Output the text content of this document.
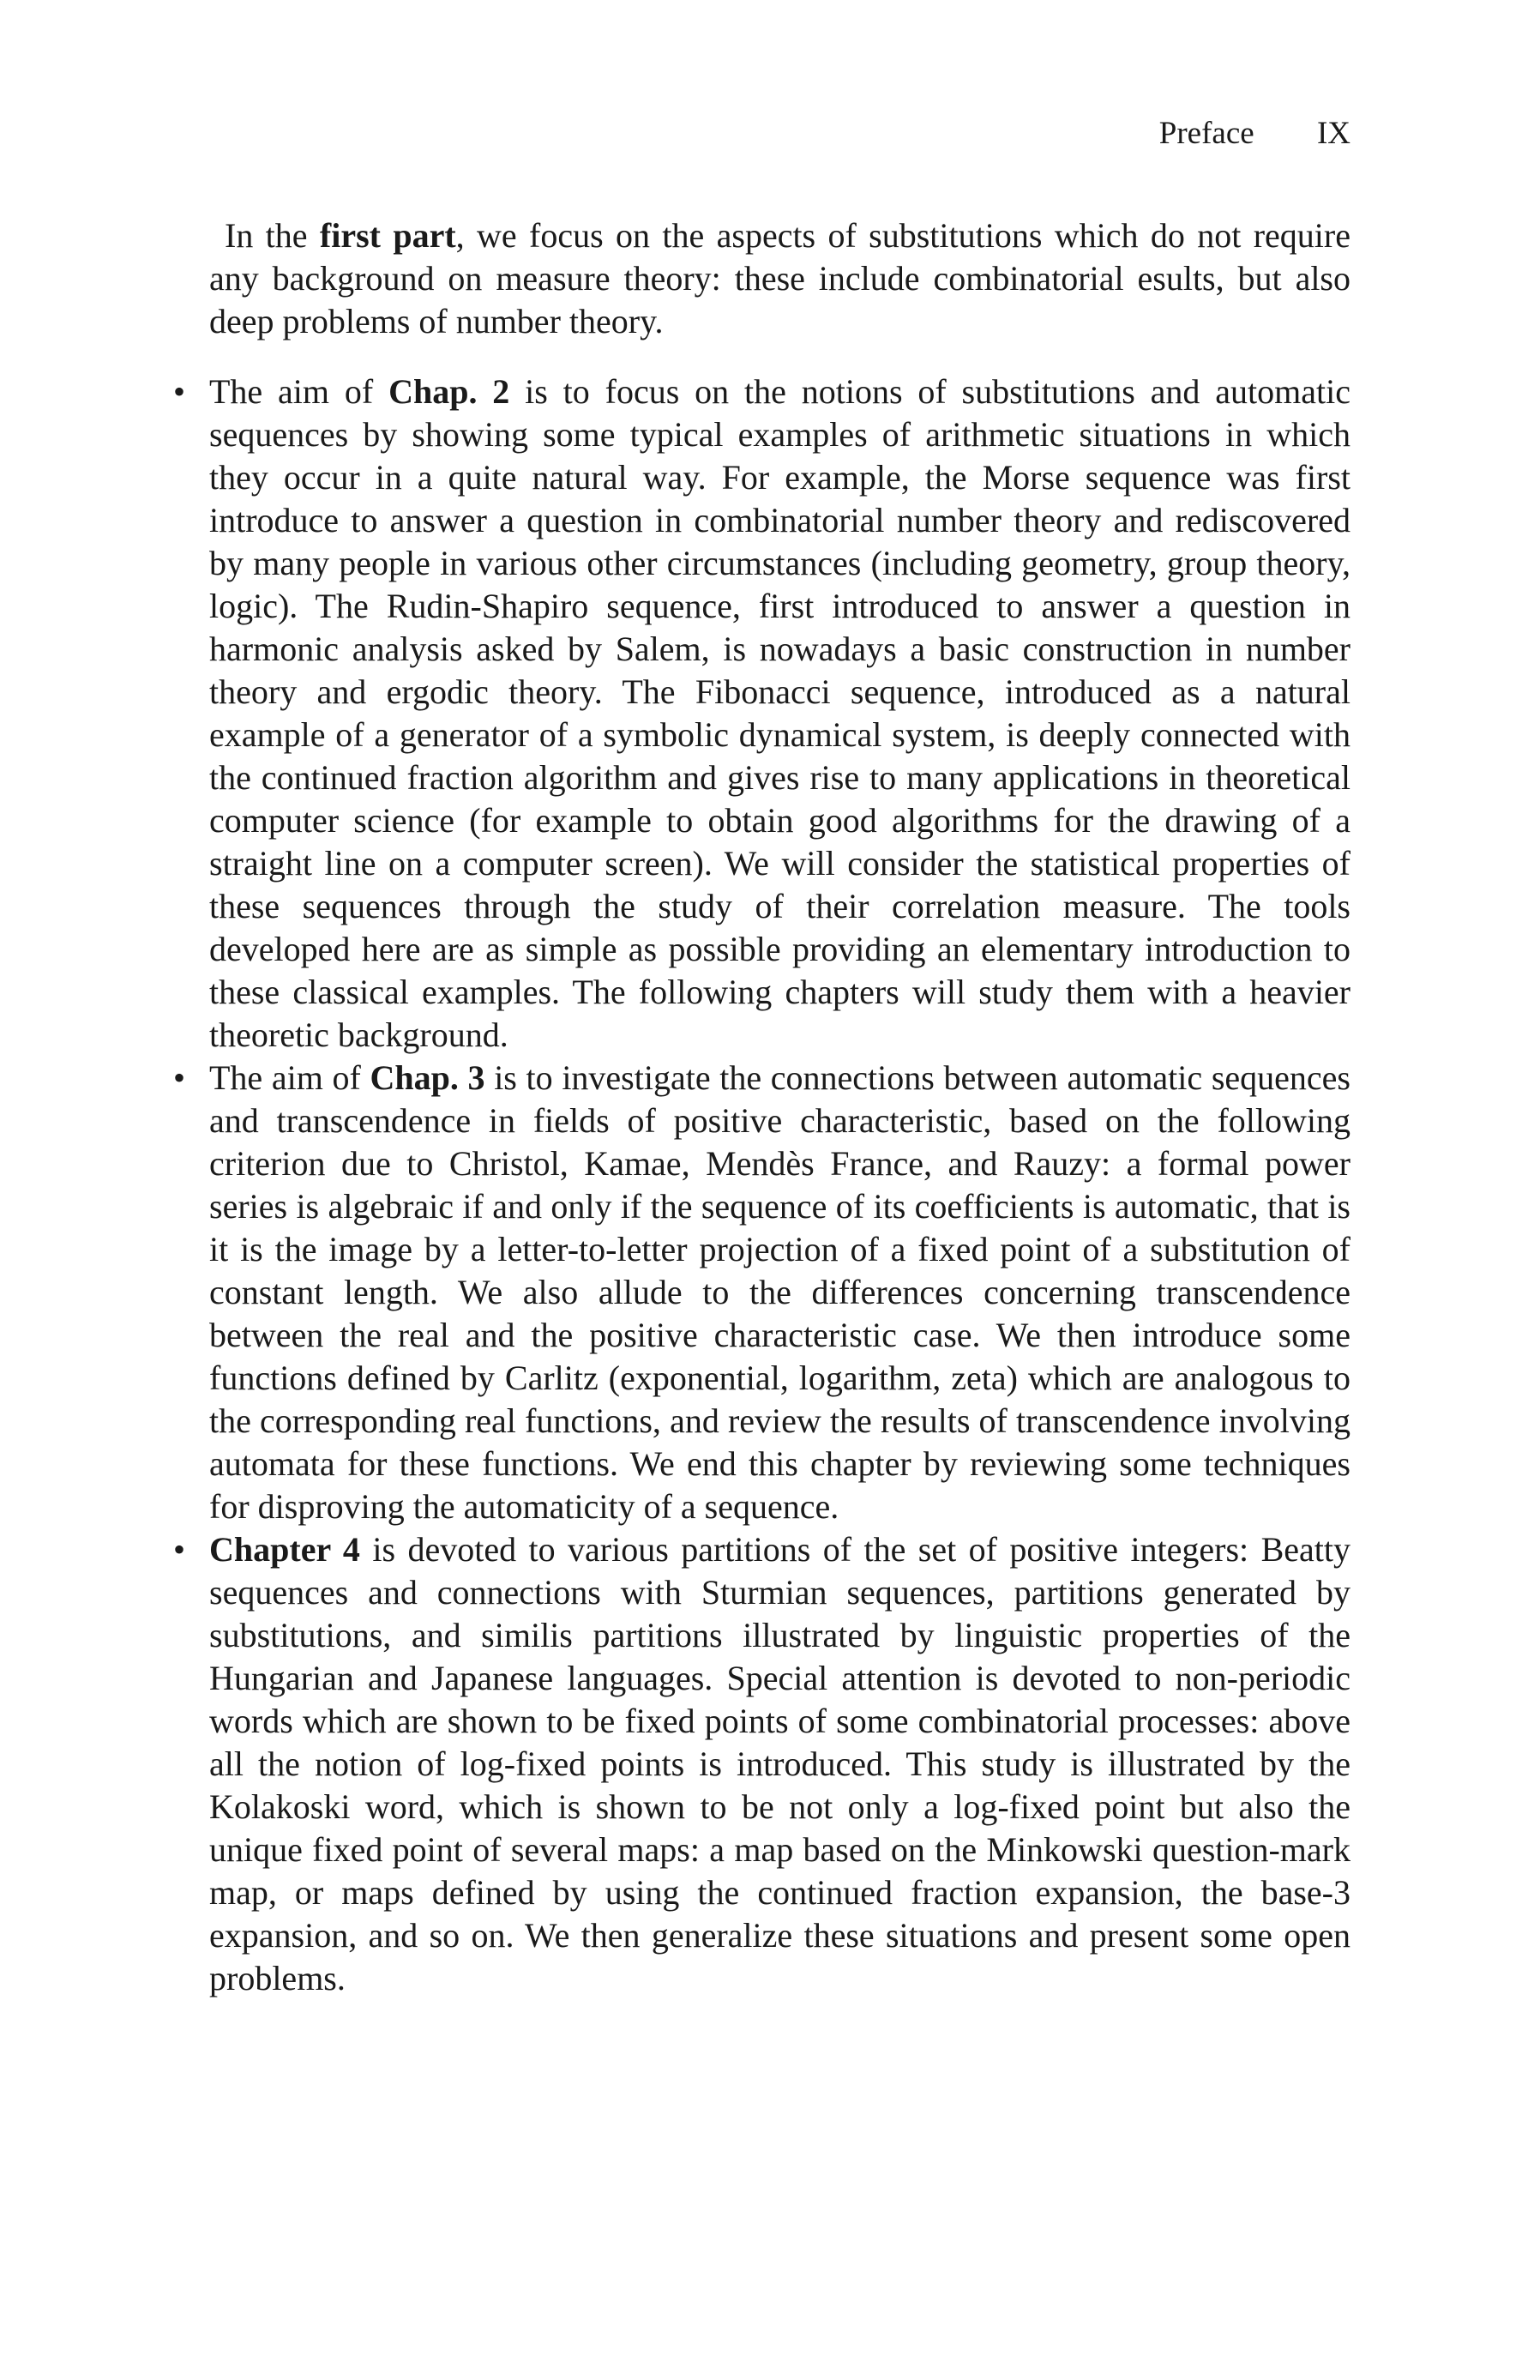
Preface IX

In the first part, we focus on the aspects of substitutions which do not require any background on measure theory: these include combinatorial esults, but also deep problems of number theory.

• The aim of Chap. 2 is to focus on the notions of substitutions and automatic sequences by showing some typical examples of arithmetic situations in which they occur in a quite natural way. For example, the Morse sequence was first introduce to answer a question in combinatorial number theory and rediscovered by many people in various other circumstances (including geometry, group theory, logic). The Rudin-Shapiro sequence, first introduced to answer a question in harmonic analysis asked by Salem, is nowadays a basic construction in number theory and ergodic theory. The Fibonacci sequence, introduced as a natural example of a generator of a symbolic dynamical system, is deeply connected with the continued fraction algorithm and gives rise to many applications in theoretical computer science (for example to obtain good algorithms for the drawing of a straight line on a computer screen). We will consider the statistical properties of these sequences through the study of their correlation measure. The tools developed here are as simple as possible providing an elementary introduction to these classical examples. The following chapters will study them with a heavier theoretic background.
• The aim of Chap. 3 is to investigate the connections between automatic sequences and transcendence in fields of positive characteristic, based on the following criterion due to Christol, Kamae, Mendès France, and Rauzy: a formal power series is algebraic if and only if the sequence of its coefficients is automatic, that is it is the image by a letter-to-letter projection of a fixed point of a substitution of constant length. We also allude to the differences concerning transcendence between the real and the positive characteristic case. We then introduce some functions defined by Carlitz (exponential, logarithm, zeta) which are analogous to the corresponding real functions, and review the results of transcendence involving automata for these functions. We end this chapter by reviewing some techniques for disproving the automaticity of a sequence.
• Chapter 4 is devoted to various partitions of the set of positive integers: Beatty sequences and connections with Sturmian sequences, partitions generated by substitutions, and similis partitions illustrated by linguistic properties of the Hungarian and Japanese languages. Special attention is devoted to non-periodic words which are shown to be fixed points of some combinatorial processes: above all the notion of log-fixed points is introduced. This study is illustrated by the Kolakoski word, which is shown to be not only a log-fixed point but also the unique fixed point of several maps: a map based on the Minkowski question-mark map, or maps defined by using the continued fraction expansion, the base-3 expansion, and so on. We then generalize these situations and present some open problems.
